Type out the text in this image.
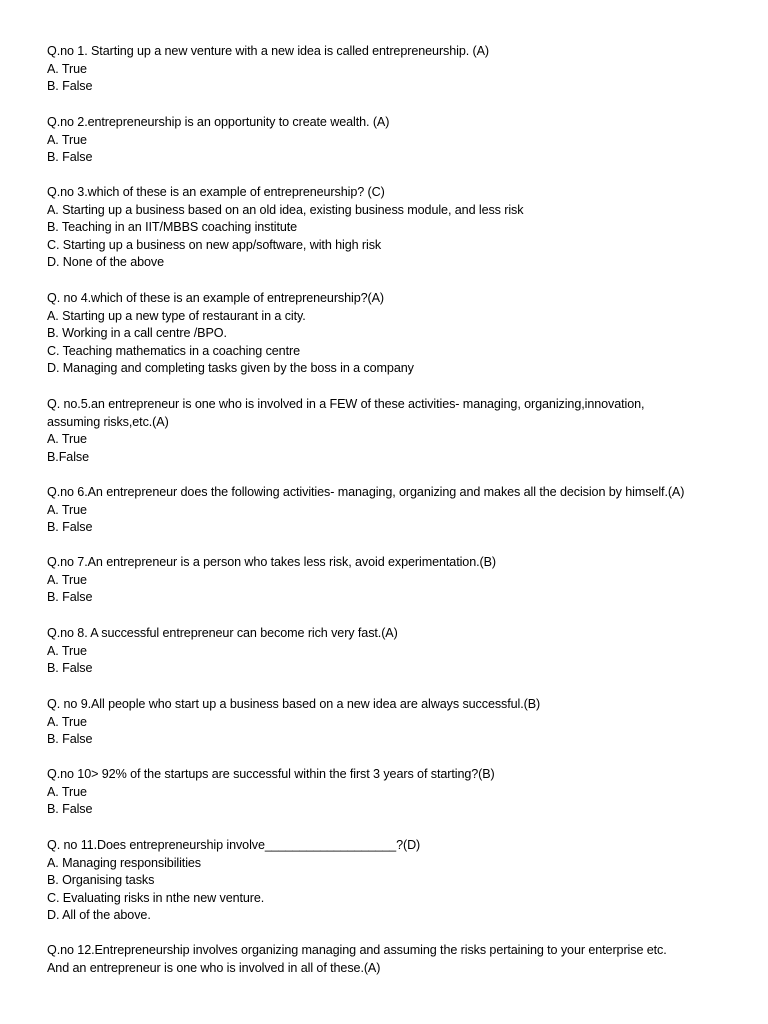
Q.no 1. Starting up a new venture with a new idea is called entrepreneurship. (A)
A. True
B. False
Q.no 2.entrepreneurship is an opportunity to create wealth. (A)
A. True
B. False
Q.no 3.which of these is an example of entrepreneurship? (C)
A. Starting up a business based on an old idea, existing business module, and less risk
B. Teaching in an IIT/MBBS coaching institute
C. Starting up a business on new app/software, with high risk
D. None of the above
Q. no 4.which of these is an example of entrepreneurship?(A)
A. Starting up a new type of restaurant in a city.
B. Working in a call centre /BPO.
C. Teaching mathematics in a coaching centre
D. Managing and completing tasks given by the boss in a company
Q. no.5.an entrepreneur is one who is involved in a FEW of these activities- managing, organizing,innovation,
assuming risks,etc.(A)
A. True
B.False
Q.no 6.An entrepreneur does the following activities- managing, organizing and makes all the decision by himself.(A)
A. True
B. False
Q.no 7.An entrepreneur is a person who takes less risk, avoid experimentation.(B)
A. True
B. False
Q.no 8. A successful entrepreneur can become rich very fast.(A)
A. True
B. False
Q. no 9.All people who start up a business based on a new idea are always successful.(B)
A. True
B. False
Q.no 10> 92% of the startups are successful within the first 3 years of starting?(B)
A. True
B. False
Q. no 11.Does entrepreneurship involve___________________?(D)
A. Managing responsibilities
B. Organising tasks
C. Evaluating risks in nthe new venture.
D. All of the above.
Q.no 12.Entrepreneurship involves organizing managing and assuming the risks pertaining to your enterprise etc.
And an entrepreneur is one who is involved in all of these.(A)
